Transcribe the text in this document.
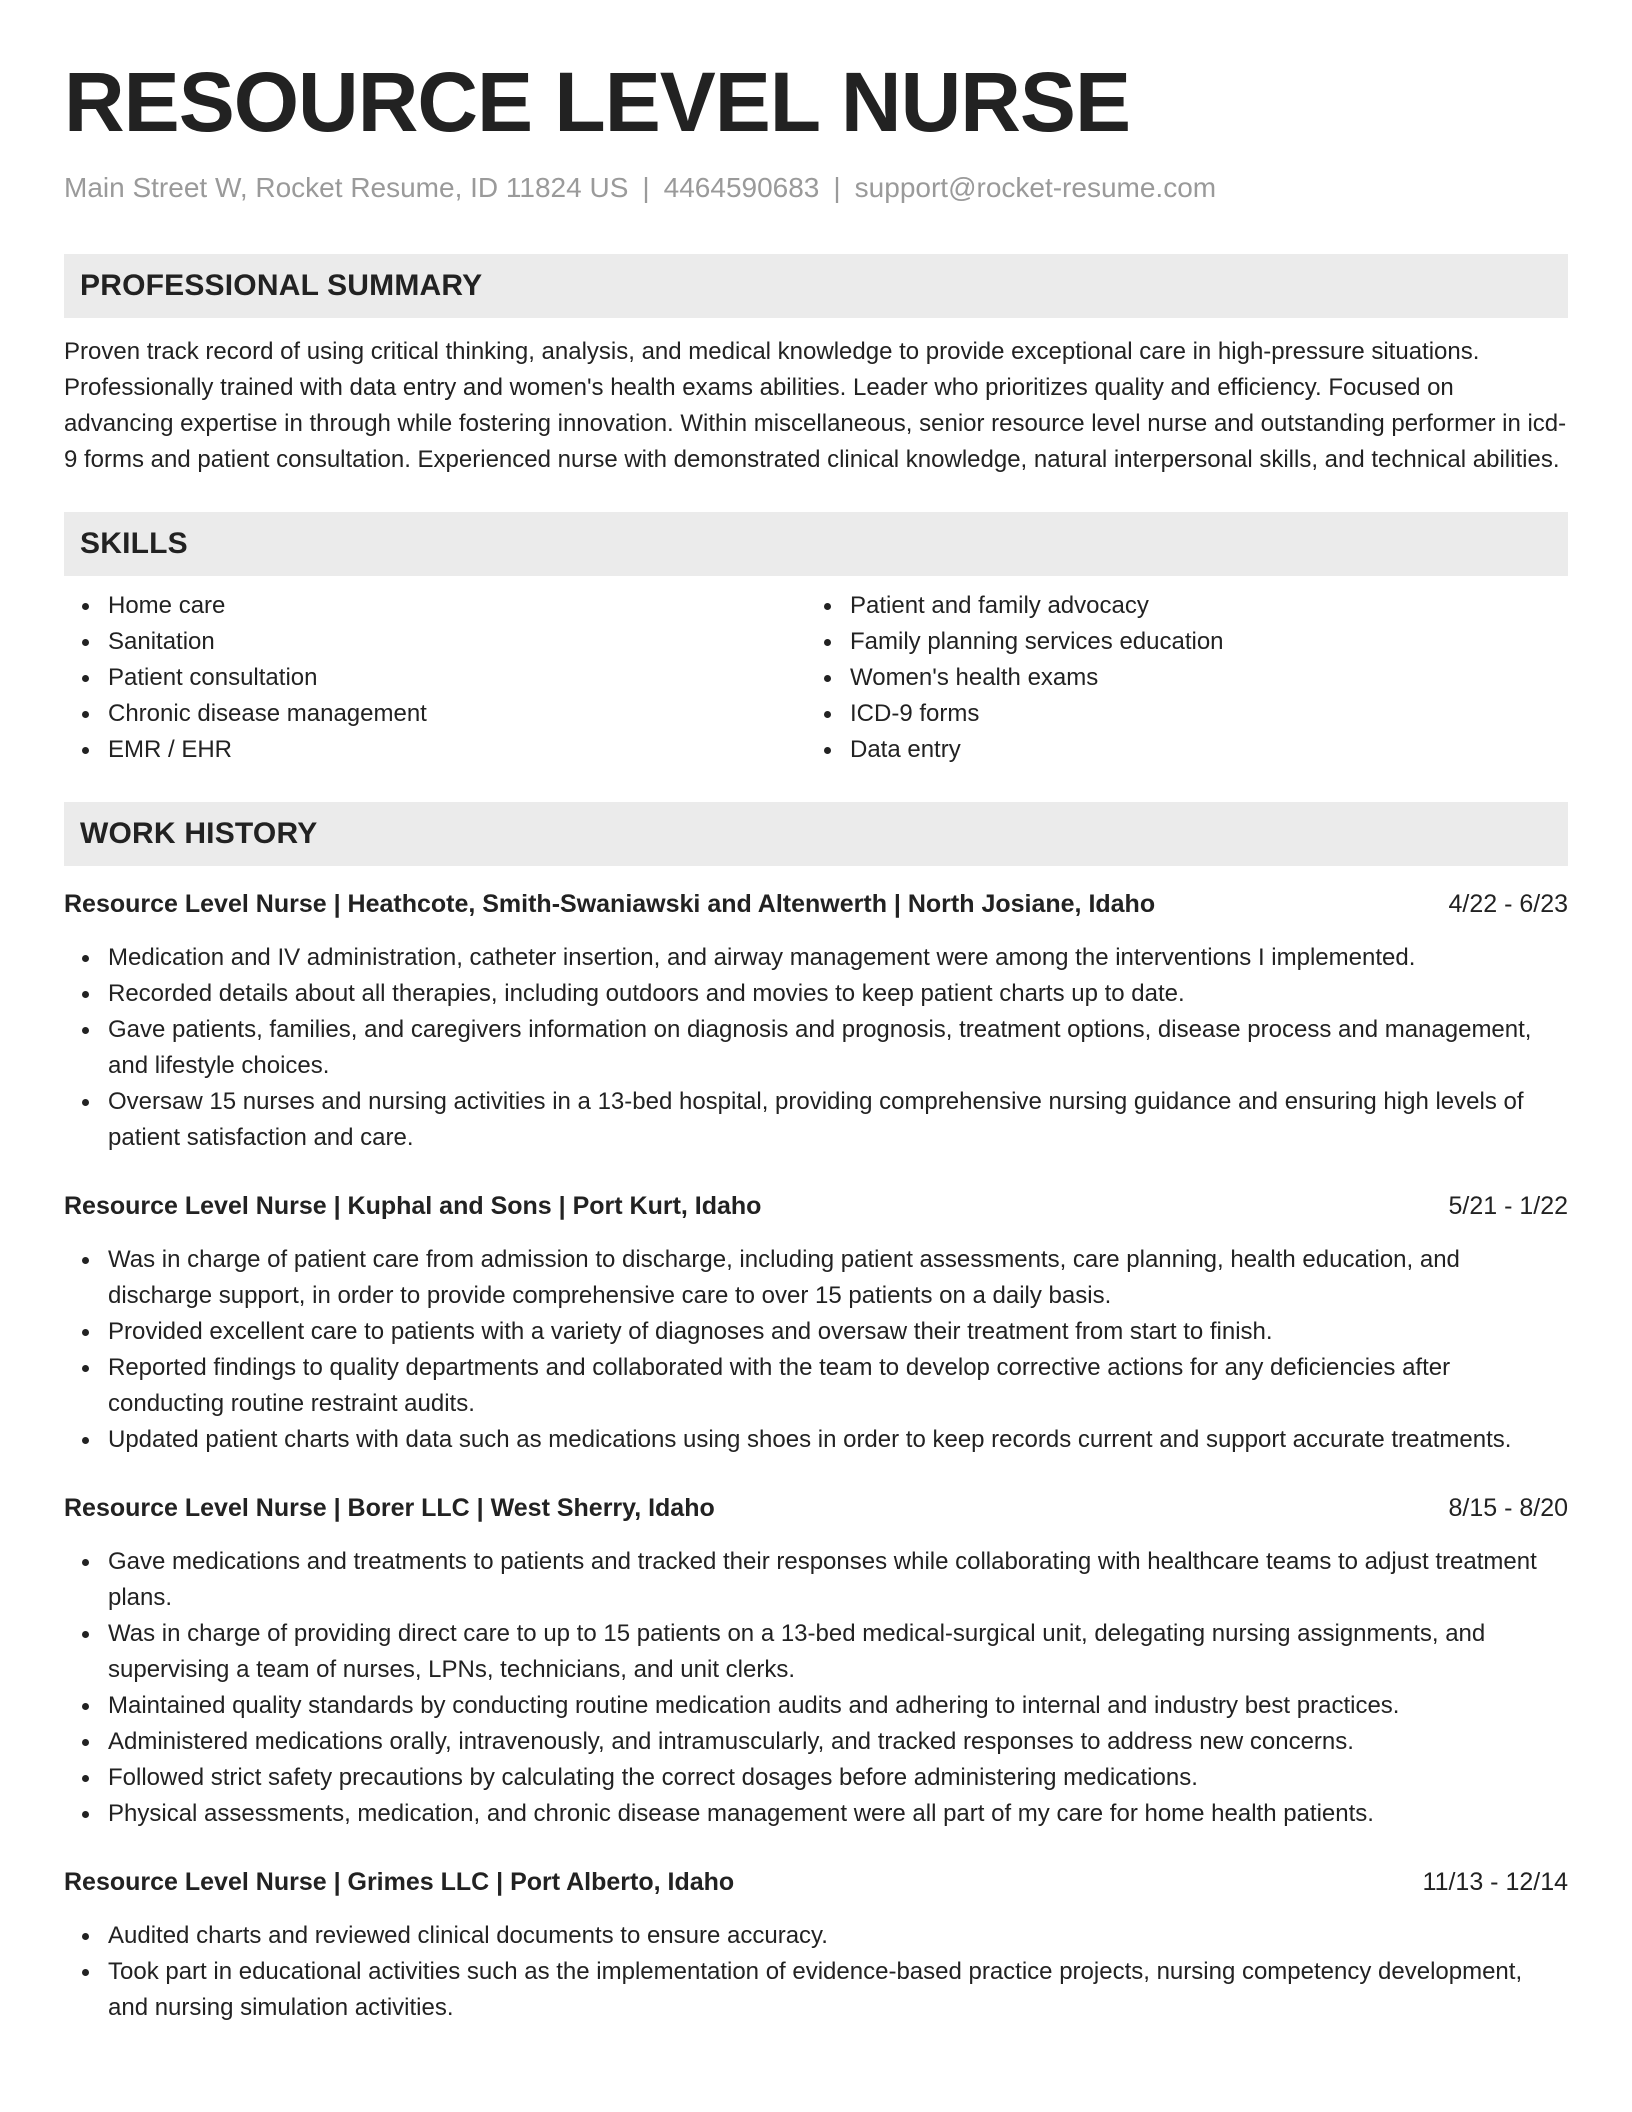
RESOURCE LEVEL NURSE
Main Street W, Rocket Resume, ID 11824 US | 4464590683 | support@rocket-resume.com
PROFESSIONAL SUMMARY

Proven track record of using critical thinking, analysis, and medical knowledge to provide exceptional care in high-pressure situations. Professionally trained with data entry and women's health exams abilities. Leader who prioritizes quality and efficiency. Focused on advancing expertise in through while fostering innovation. Within miscellaneous, senior resource level nurse and outstanding performer in icd-9 forms and patient consultation. Experienced nurse with demonstrated clinical knowledge, natural interpersonal skills, and technical abilities.

SKILLS
Home care
Sanitation
Patient consultation
Chronic disease management
EMR / EHR
Patient and family advocacy
Family planning services education
Women's health exams
ICD-9 forms
Data entry
WORK HISTORY
Resource Level Nurse | Heathcote, Smith-Swaniawski and Altenwerth | North Josiane, Idaho	4/22 - 6/23
Medication and IV administration, catheter insertion, and airway management were among the interventions I implemented.
Recorded details about all therapies, including outdoors and movies to keep patient charts up to date.
Gave patients, families, and caregivers information on diagnosis and prognosis, treatment options, disease process and management, and lifestyle choices.
Oversaw 15 nurses and nursing activities in a 13-bed hospital, providing comprehensive nursing guidance and ensuring high levels of patient satisfaction and care.
Resource Level Nurse | Kuphal and Sons | Port Kurt, Idaho	5/21 - 1/22
Was in charge of patient care from admission to discharge, including patient assessments, care planning, health education, and discharge support, in order to provide comprehensive care to over 15 patients on a daily basis.
Provided excellent care to patients with a variety of diagnoses and oversaw their treatment from start to finish.
Reported findings to quality departments and collaborated with the team to develop corrective actions for any deficiencies after conducting routine restraint audits.
Updated patient charts with data such as medications using shoes in order to keep records current and support accurate treatments.
Resource Level Nurse | Borer LLC | West Sherry, Idaho	8/15 - 8/20
Gave medications and treatments to patients and tracked their responses while collaborating with healthcare teams to adjust treatment plans.
Was in charge of providing direct care to up to 15 patients on a 13-bed medical-surgical unit, delegating nursing assignments, and supervising a team of nurses, LPNs, technicians, and unit clerks.
Maintained quality standards by conducting routine medication audits and adhering to internal and industry best practices.
Administered medications orally, intravenously, and intramuscularly, and tracked responses to address new concerns.
Followed strict safety precautions by calculating the correct dosages before administering medications.
Physical assessments, medication, and chronic disease management were all part of my care for home health patients.
Resource Level Nurse | Grimes LLC | Port Alberto, Idaho	11/13 - 12/14
Audited charts and reviewed clinical documents to ensure accuracy.
Took part in educational activities such as the implementation of evidence-based practice projects, nursing competency development, and nursing simulation activities.
